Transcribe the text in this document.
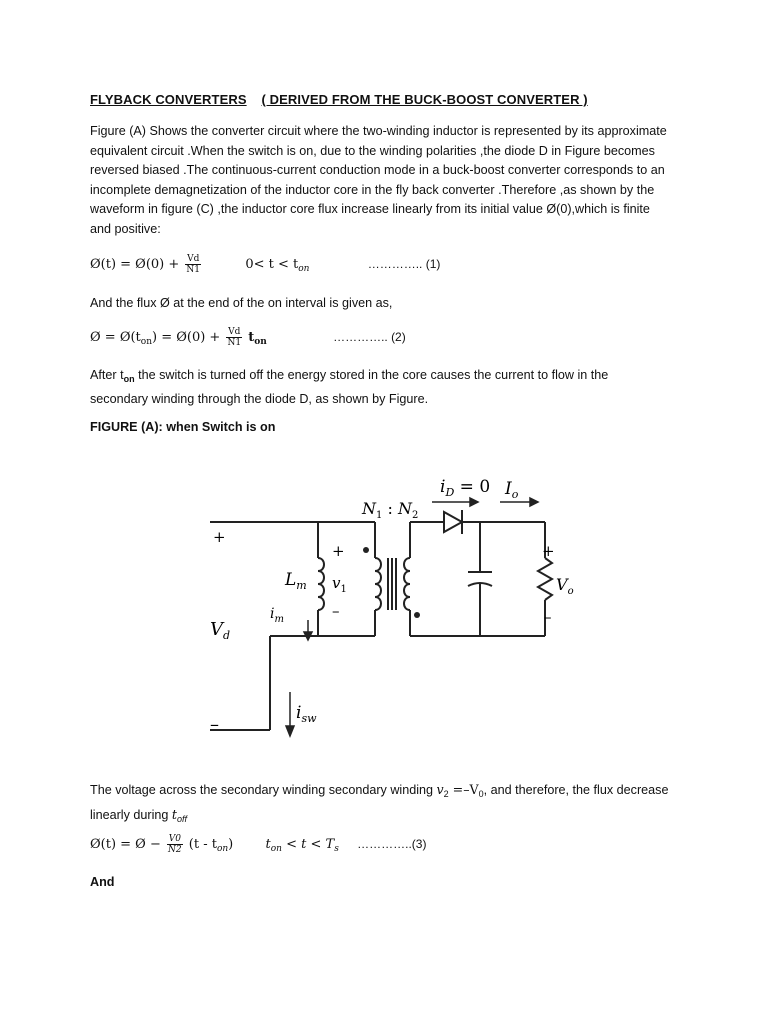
FLYBACK CONVERTERS ( DERIVED FROM THE BUCK-BOOST CONVERTER )
Figure (A) Shows the converter circuit where the two-winding inductor is represented by its approximate
equivalent circuit .When the switch is on, due to the winding polarities ,the diode D in Figure becomes
reversed biased .The continuous-current conduction mode in a buck-boost converter corresponds to an
incomplete demagnetization of the inductor core in the fly back converter .Therefore ,as shown by the
waveform in figure (C) ,the inductor core flux increase linearly from its initial value Ø(0),which is finite
and positive:
Ø(t) = Ø(0) + $\frac{Vd}{N1}$	$0< t < t_{on}$	………….. (1)
And the flux Ø at the end of the on interval is given as,
Ø = $Ø(t_{on})$ = Ø(0) + $\frac{Vd}{N1} t_{on}$	………….. (2)
After $t_{on}$ the switch is turned off the energy stored in the core causes the current to flow in the
secondary winding through the diode D, as shown by Figure.
FIGURE (A): when Switch is on
$i_D = 0$ $I_o$
$N_1$ : $N_2$
+
–
$V_d$
$L_m$ $v_1$
+
–
$i_m$
$V_o$
+
–
$i_{sw}$
The voltage across the secondary winding secondary winding $v_2 =-V_0$, and therefore, the flux decrease
linearly during $t_{off}$
Ø(t) = Ø − $\frac{V0}{N2} (t - t_{on}) t_{on} < t < T_s$ …………..(3)
And
